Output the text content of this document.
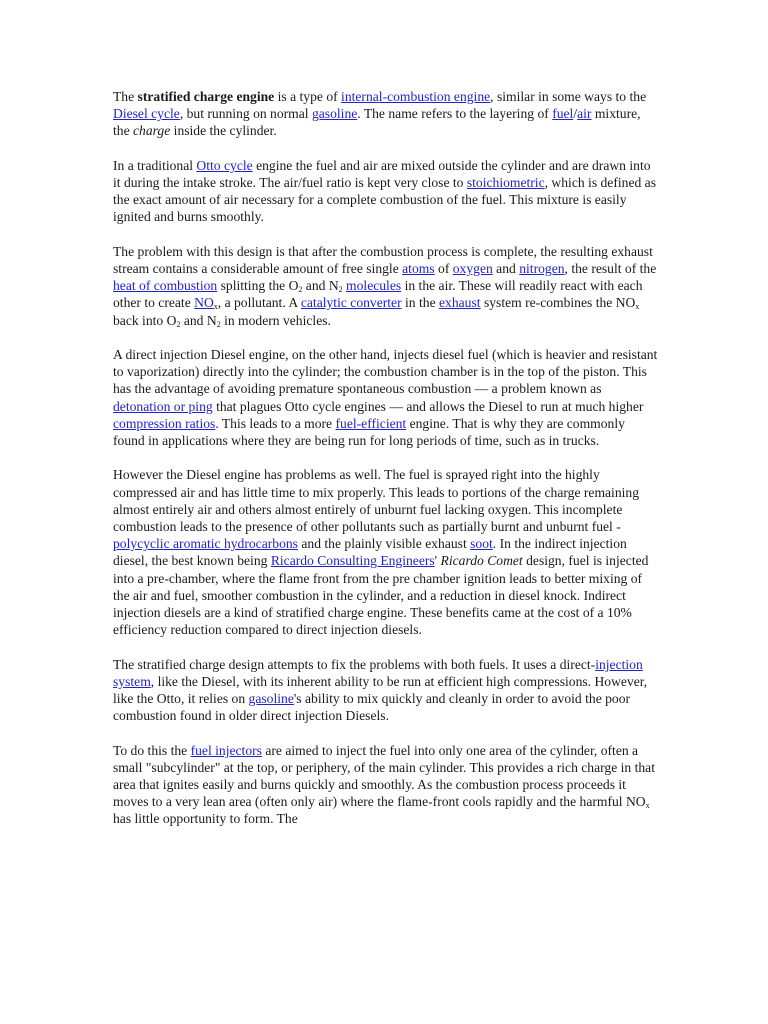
The stratified charge engine is a type of internal-combustion engine, similar in some ways to the Diesel cycle, but running on normal gasoline. The name refers to the layering of fuel/air mixture, the charge inside the cylinder.

In a traditional Otto cycle engine the fuel and air are mixed outside the cylinder and are drawn into it during the intake stroke. The air/fuel ratio is kept very close to stoichiometric, which is defined as the exact amount of air necessary for a complete combustion of the fuel. This mixture is easily ignited and burns smoothly.

The problem with this design is that after the combustion process is complete, the resulting exhaust stream contains a considerable amount of free single atoms of oxygen and nitrogen, the result of the heat of combustion splitting the $O_2$ and $N_2$ molecules in the air. These will readily react with each other to create $NO_x$, a pollutant. A catalytic converter in the exhaust system re-combines the $NO_x$ back into $O_2$ and $N_2$ in modern vehicles.

A direct injection Diesel engine, on the other hand, injects diesel fuel (which is heavier and resistant to vaporization) directly into the cylinder; the combustion chamber is in the top of the piston. This has the advantage of avoiding premature spontaneous combustion — a problem known as detonation or ping that plagues Otto cycle engines — and allows the Diesel to run at much higher compression ratios. This leads to a more fuel-efficient engine. That is why they are commonly found in applications where they are being run for long periods of time, such as in trucks.

However the Diesel engine has problems as well. The fuel is sprayed right into the highly compressed air and has little time to mix properly. This leads to portions of the charge remaining almost entirely air and others almost entirely of unburnt fuel lacking oxygen. This incomplete combustion leads to the presence of other pollutants such as partially burnt and unburnt fuel - polycyclic aromatic hydrocarbons and the plainly visible exhaust soot. In the indirect injection diesel, the best known being Ricardo Consulting Engineers' Ricardo Comet design, fuel is injected into a pre-chamber, where the flame front from the pre chamber ignition leads to better mixing of the air and fuel, smoother combustion in the cylinder, and a reduction in diesel knock. Indirect injection diesels are a kind of stratified charge engine. These benefits came at the cost of a 10% efficiency reduction compared to direct injection diesels.

The stratified charge design attempts to fix the problems with both fuels. It uses a direct-injection system, like the Diesel, with its inherent ability to be run at efficient high compressions. However, like the Otto, it relies on gasoline's ability to mix quickly and cleanly in order to avoid the poor combustion found in older direct injection Diesels.

To do this the fuel injectors are aimed to inject the fuel into only one area of the cylinder, often a small "subcylinder" at the top, or periphery, of the main cylinder. This provides a rich charge in that area that ignites easily and burns quickly and smoothly. As the combustion process proceeds it moves to a very lean area (often only air) where the flame-front cools rapidly and the harmful $NO_x$ has little opportunity to form. The
